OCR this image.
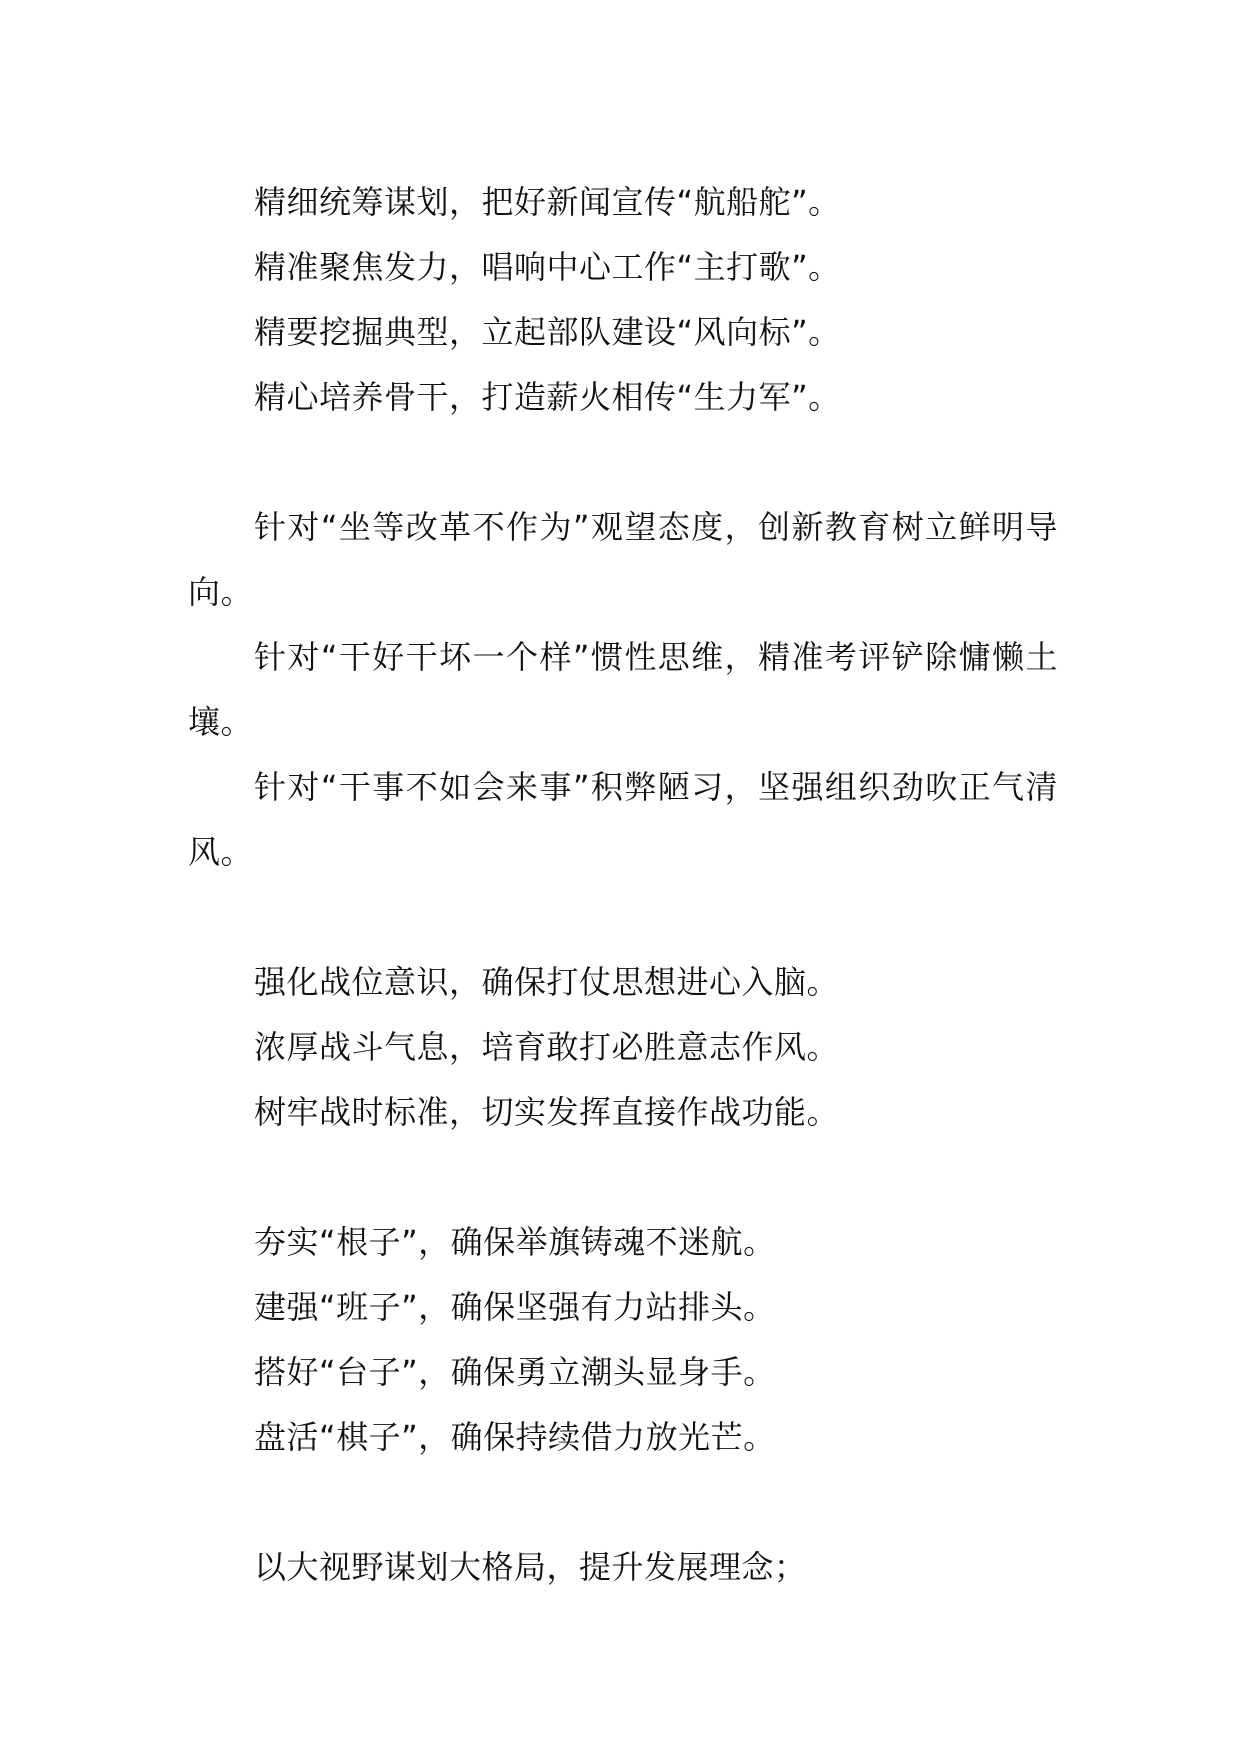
精细统筹谋划，把好新闻宣传“航船舵”。

精准聚焦发力，唱响中心工作“主打歌”。

精要挖掘典型，立起部队建设“风向标”。

精心培养骨干，打造薪火相传“生力军”。

针对“坐等改革不作为”观望态度，创新教育树立鲜明导向。

针对“干好干坏一个样”惯性思维，精准考评铲除慵懒土壤。

针对“干事不如会来事”积弊陋习，坚强组织劲吹正气清风。

强化战位意识，确保打仗思想进心入脑。

浓厚战斗气息，培育敢打必胜意志作风。

树牢战时标准，切实发挥直接作战功能。

夯实“根子”，确保举旗铸魂不迷航。

建强“班子”，确保坚强有力站排头。

搭好“台子”，确保勇立潮头显身手。

盘活“棋子”，确保持续借力放光芒。

以大视野谋划大格局，提升发展理念；
